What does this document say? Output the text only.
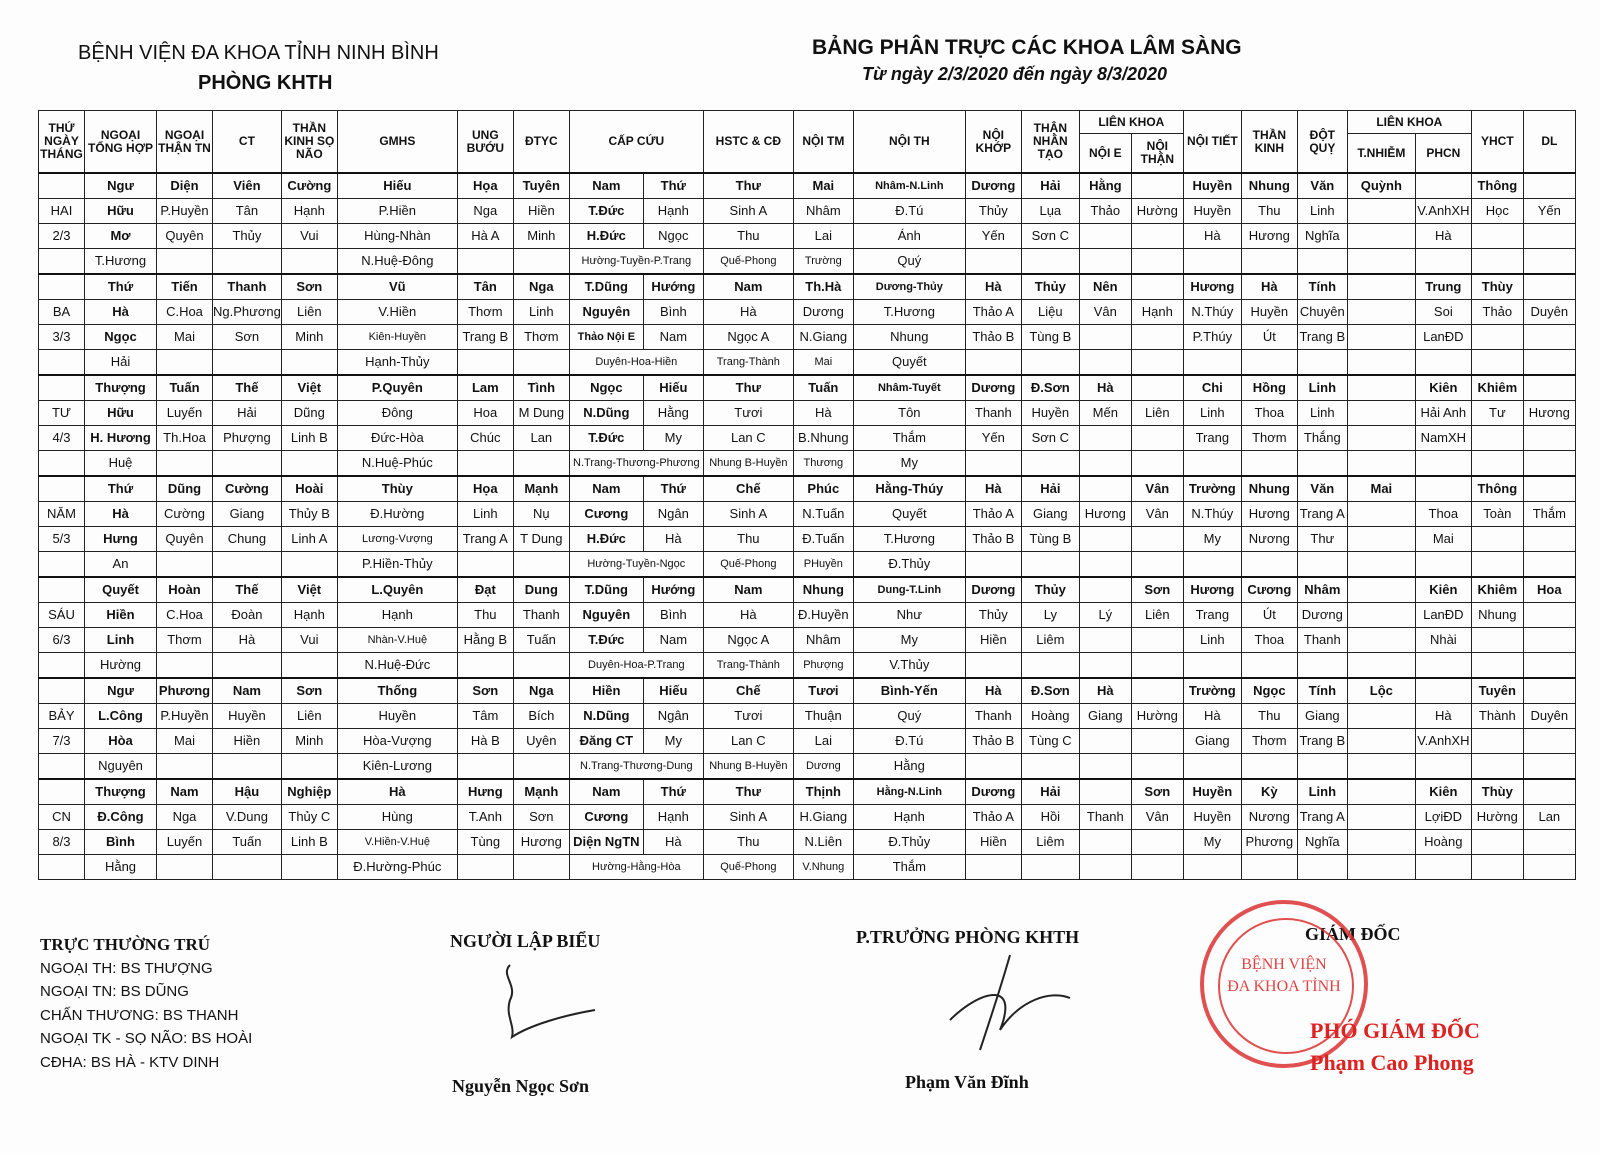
BỆNH VIỆN ĐA KHOA TỈNH NINH BÌNH
PHÒNG KHTH
BẢNG PHÂN TRỰC CÁC KHOA LÂM SÀNG
Từ ngày 2/3/2020 đến ngày 8/3/2020
THỨ NGÀY THÁNG	NGOẠI TỔNG HỢP	NGOẠI THẬN TN	CT	THẦN KINH SỌ NÃO	GMHS	UNG BƯỚU	ĐTYC	CẤP CỨU		HSTC & CĐ	NỘI TM	NỘI TH	NỘI KHỚP	THẬN NHÂN TẠO	LIÊN KHOA		NỘI TIẾT	THẦN KINH	ĐỘT QUỴ	LIÊN KHOA		YHCT	DL
															NỘI E	NỘI THẬN				T.NHIỄM	PHCN		
	Ngư	Diện	Viên	Cường	Hiếu	Họa	Tuyên	Nam	Thứ	Thư	Mai	Nhâm-N.Linh	Dương	Hải	Hằng		Huyền	Nhung	Văn	Quỳnh		Thông	
HAI	Hữu	P.Huyền	Tân	Hạnh	P.Hiền	Nga	Hiền	T.Đức	Hạnh	Sinh A	Nhâm	Đ.Tú	Thủy	Lụa	Thảo	Hường	Huyền	Thu	Linh		V.AnhXH	Học	Yến
2/3	Mơ	Quyên	Thủy	Vui	Hùng-Nhàn	Hà A	Minh	H.Đức	Ngọc	Thu	Lai	Ánh	Yến	Sơn C			Hà	Hương	Nghĩa		Hà		
	T.Hương				N.Huệ-Đông			Hường-Tuyền-P.Trang		Quế-Phong	Trường	Quý											
	Thứ	Tiến	Thanh	Sơn	Vũ	Tân	Nga	T.Dũng	Hướng	Nam	Th.Hà	Dương-Thủy	Hà	Thủy	Nên		Hương	Hà	Tính		Trung	Thùy	
BA	Hà	C.Hoa	Ng.Phương	Liên	V.Hiền	Thơm	Linh	Nguyên	Bình	Hà	Dương	T.Hương	Thảo A	Liệu	Vân	Hạnh	N.Thúy	Huyền	Chuyên		Soi	Thảo	Duyên
3/3	Ngọc	Mai	Sơn	Minh	Kiên-Huyền	Trang B	Thơm	Thảo Nội E	Nam	Ngọc A	N.Giang	Nhung	Thảo B	Tùng B			P.Thúy	Út	Trang B		LanĐD		
	Hải				Hạnh-Thủy			Duyên-Hoa-Hiền		Trang-Thành	Mai	Quyết											
	Thượng	Tuấn	Thế	Việt	P.Quyên	Lam	Tình	Ngọc	Hiếu	Thư	Tuấn	Nhâm-Tuyết	Dương	Đ.Sơn	Hà		Chi	Hồng	Linh		Kiên	Khiêm	
TƯ	Hữu	Luyến	Hải	Dũng	Đông	Hoa	M Dung	N.Dũng	Hằng	Tươi	Hà	Tôn	Thanh	Huyền	Mến	Liên	Linh	Thoa	Linh		Hải Anh	Tư	Hương
4/3	H. Hương	Th.Hoa	Phượng	Linh B	Đức-Hòa	Chúc	Lan	T.Đức	My	Lan C	B.Nhung	Thắm	Yến	Sơn C			Trang	Thơm	Thắng		NamXH		
	Huệ				N.Huệ-Phúc			N.Trang-Thương-Phương		Nhung B-Huyền	Thương	My											
	Thứ	Dũng	Cường	Hoài	Thùy	Họa	Mạnh	Nam	Thứ	Chế	Phúc	Hằng-Thúy	Hà	Hải		Vân	Trường	Nhung	Văn	Mai		Thông	
NĂM	Hà	Cường	Giang	Thủy B	Đ.Hường	Linh	Nụ	Cương	Ngân	Sinh A	N.Tuấn	Quyết	Thảo A	Giang	Hương	Vân	N.Thúy	Hương	Trang A		Thoa	Toàn	Thắm
5/3	Hưng	Quyên	Chung	Linh A	Lương-Vượng	Trang A	T Dung	H.Đức	Hà	Thu	Đ.Tuấn	T.Hương	Thảo B	Tùng B			My	Nương	Thư		Mai		
	An				P.Hiền-Thủy			Hường-Tuyền-Ngọc		Quế-Phong	PHuyền	Đ.Thủy											
	Quyết	Hoàn	Thế	Việt	L.Quyên	Đạt	Dung	T.Dũng	Hướng	Nam	Nhung	Dung-T.Linh	Dương	Thủy		Sơn	Hương	Cương	Nhâm		Kiên	Khiêm	Hoa
SÁU	Hiền	C.Hoa	Đoàn	Hạnh	Hạnh	Thu	Thanh	Nguyên	Bình	Hà	Đ.Huyền	Như	Thủy	Ly	Lý	Liên	Trang	Út	Dương		LanĐD	Nhung	
6/3	Linh	Thơm	Hà	Vui	Nhàn-V.Huệ	Hằng B	Tuấn	T.Đức	Nam	Ngọc A	Nhâm	My	Hiền	Liêm			Linh	Thoa	Thanh		Nhài		
	Hường				N.Huệ-Đức			Duyên-Hoa-P.Trang		Trang-Thành	Phượng	V.Thủy											
	Ngư	Phương	Nam	Sơn	Thống	Sơn	Nga	Hiền	Hiếu	Chế	Tươi	Bình-Yến	Hà	Đ.Sơn	Hà		Trường	Ngọc	Tính	Lộc		Tuyên	
BẢY	L.Công	P.Huyền	Huyền	Liên	Huyền	Tâm	Bích	N.Dũng	Ngân	Tươi	Thuận	Quý	Thanh	Hoàng	Giang	Hường	Hà	Thu	Giang		Hà	Thành	Duyên
7/3	Hòa	Mai	Hiền	Minh	Hòa-Vượng	Hà B	Uyên	Đăng CT	My	Lan C	Lai	Đ.Tú	Thảo B	Tùng C			Giang	Thơm	Trang B		V.AnhXH		
	Nguyên				Kiên-Lương			N.Trang-Thương-Dung		Nhung B-Huyền	Dương	Hằng											
	Thượng	Nam	Hậu	Nghiệp	Hà	Hưng	Mạnh	Nam	Thứ	Thư	Thịnh	Hằng-N.Linh	Dương	Hải		Sơn	Huyền	Kỳ	Linh		Kiên	Thùy	
CN	Đ.Công	Nga	V.Dung	Thủy C	Hùng	T.Anh	Sơn	Cương	Hạnh	Sinh A	H.Giang	Hạnh	Thảo A	Hồi	Thanh	Vân	Huyền	Nương	Trang A		LợiĐD	Hường	Lan
8/3	Bình	Luyến	Tuấn	Linh B	V.Hiền-V.Huệ	Tùng	Hương	Diện NgTN	Hà	Thu	N.Liên	Đ.Thủy	Hiền	Liêm			My	Phương	Nghĩa		Hoàng		
	Hằng				Đ.Hường-Phúc			Hường-Hằng-Hòa		Quế-Phong	V.Nhung	Thắm											
TRỰC THƯỜNG TRÚ
NGOẠI TH: BS THƯỢNG
NGOẠI TN: BS DŨNG
CHẤN THƯƠNG: BS THANH
NGOẠI TK - SỌ NÃO: BS HOÀI
CĐHA: BS HÀ - KTV DINH
NGƯỜI LẬP BIỂU
Nguyễn Ngọc Sơn
P.TRƯỞNG PHÒNG KHTH
Phạm Văn Đĩnh
GIÁM ĐỐC
BỆNH VIỆN
ĐA KHOA TỈNH
PHÓ GIÁM ĐỐC
Phạm Cao Phong
